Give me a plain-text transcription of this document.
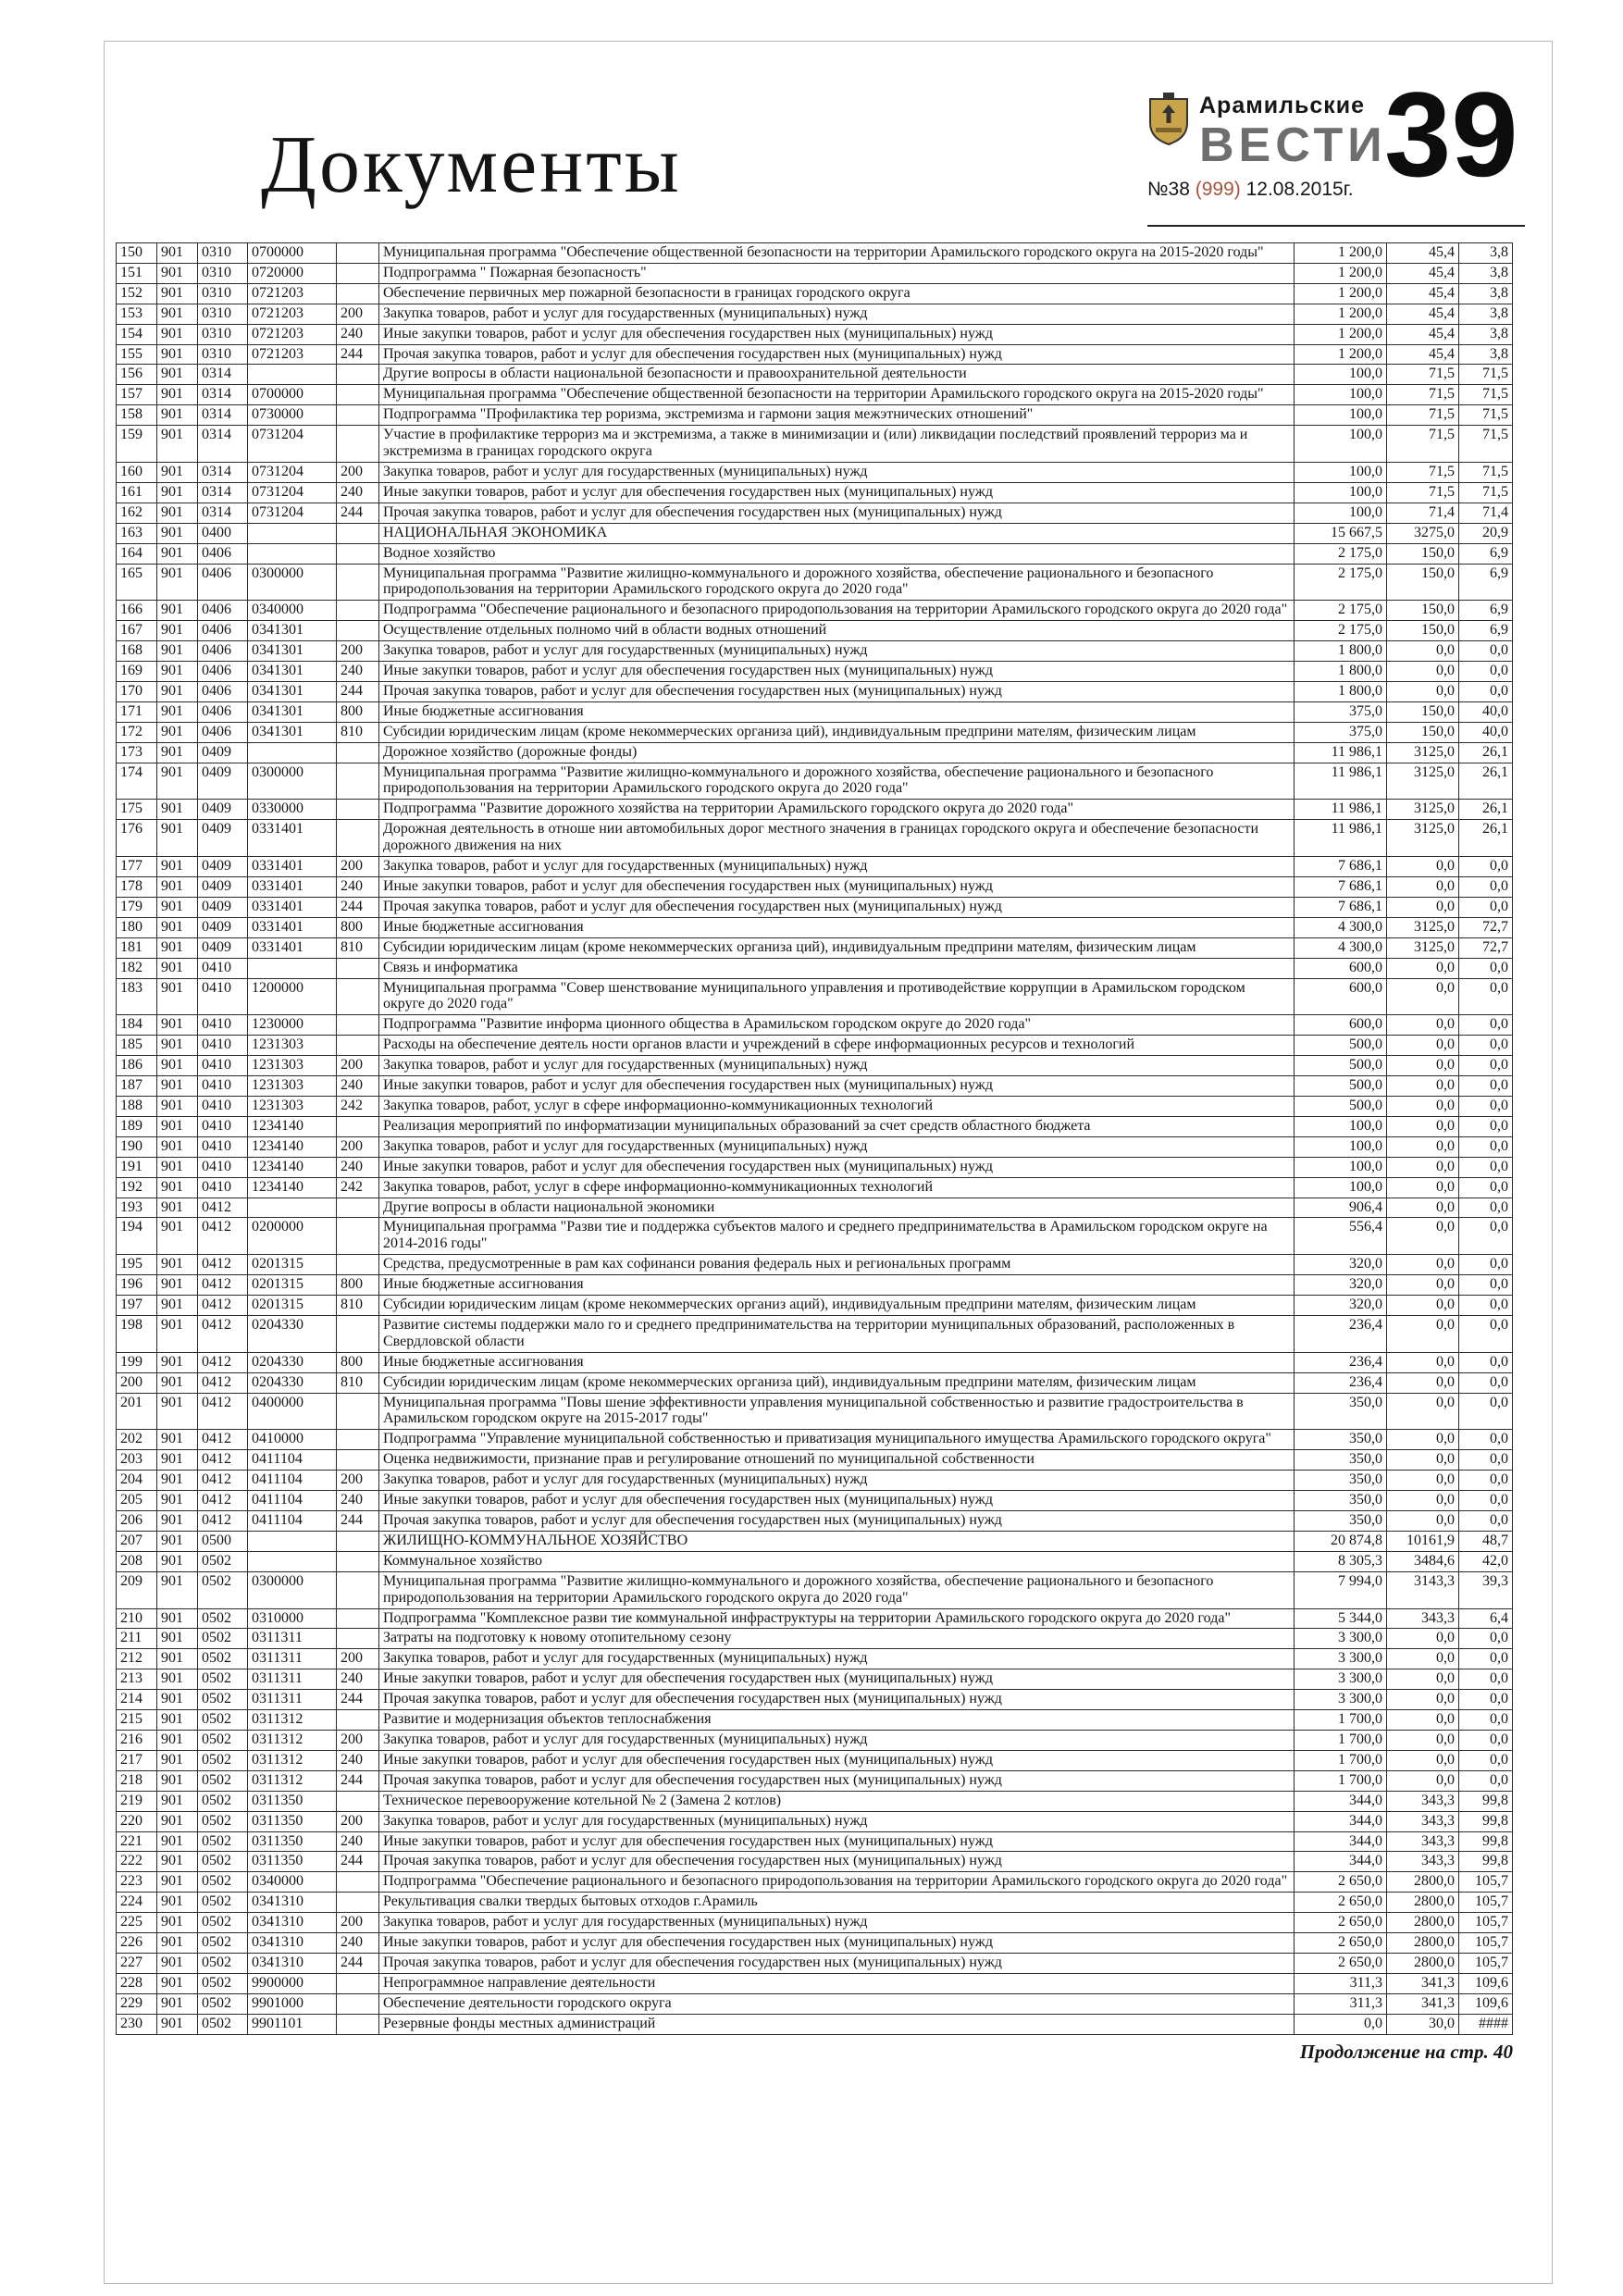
Документы
Арамильские
ВЕСТИ
№38 (999) 12.08.2015г. 39
150	901	0310	0700000		Муниципальная программа "Обеспечение общественной безопасности на территории Арамильского городского округа на 2015-2020 годы"	1 200,0	45,4	3,8
151	901	0310	0720000		Подпрограмма " Пожарная безопасность"	1 200,0	45,4	3,8
152	901	0310	0721203		Обеспечение первичных мер пожарной безопасности в границах городского округа	1 200,0	45,4	3,8
153	901	0310	0721203	200	Закупка товаров, работ и услуг для государственных (муниципальных) нужд	1 200,0	45,4	3,8
154	901	0310	0721203	240	Иные закупки товаров, работ и услуг для обеспечения государствен ных (муниципальных) нужд	1 200,0	45,4	3,8
155	901	0310	0721203	244	Прочая закупка товаров, работ и услуг для обеспечения государствен ных (муниципальных) нужд	1 200,0	45,4	3,8
156	901	0314			Другие вопросы в области национальной безопасности и правоохранительной деятельности	100,0	71,5	71,5
157	901	0314	0700000		Муниципальная программа "Обеспечение общественной безопасности на территории Арамильского городского округа на 2015-2020 годы"	100,0	71,5	71,5
158	901	0314	0730000		Подпрограмма "Профилактика тер роризма, экстремизма и гармони зация межэтнических отношений"	100,0	71,5	71,5
159	901	0314	0731204		Участие в профилактике террориз ма и экстремизма, а также в минимизации и (или) ликвидации последствий проявлений террориз ма и экстремизма в границах городского округа	100,0	71,5	71,5
160	901	0314	0731204	200	Закупка товаров, работ и услуг для государственных (муниципальных) нужд	100,0	71,5	71,5
161	901	0314	0731204	240	Иные закупки товаров, работ и услуг для обеспечения государствен ных (муниципальных) нужд	100,0	71,5	71,5
162	901	0314	0731204	244	Прочая закупка товаров, работ и услуг для обеспечения государствен ных (муниципальных) нужд	100,0	71,4	71,4
163	901	0400			НАЦИОНАЛЬНАЯ ЭКОНОМИКА	15 667,5	3275,0	20,9
164	901	0406			Водное хозяйство	2 175,0	150,0	6,9
165	901	0406	0300000		Муниципальная программа "Развитие жилищно-коммунального и дорожного хозяйства, обеспечение рационального и безопасного природопользования на территории Арамильского городского округа до 2020 года"	2 175,0	150,0	6,9
166	901	0406	0340000		Подпрограмма "Обеспечение рационального и безопасного природопользования на территории Арамильского городского округа до 2020 года"	2 175,0	150,0	6,9
167	901	0406	0341301		Осуществление отдельных полномо чий в области водных отношений	2 175,0	150,0	6,9
168	901	0406	0341301	200	Закупка товаров, работ и услуг для государственных (муниципальных) нужд	1 800,0	0,0	0,0
169	901	0406	0341301	240	Иные закупки товаров, работ и услуг для обеспечения государствен ных (муниципальных) нужд	1 800,0	0,0	0,0
170	901	0406	0341301	244	Прочая закупка товаров, работ и услуг для обеспечения государствен ных (муниципальных) нужд	1 800,0	0,0	0,0
171	901	0406	0341301	800	Иные бюджетные ассигнования	375,0	150,0	40,0
172	901	0406	0341301	810	Субсидии юридическим лицам (кроме некоммерческих организа ций), индивидуальным предприни мателям, физическим лицам	375,0	150,0	40,0
173	901	0409			Дорожное хозяйство (дорожные фонды)	11 986,1	3125,0	26,1
174	901	0409	0300000		Муниципальная программа "Развитие жилищно-коммунального и дорожного хозяйства, обеспечение рационального и безопасного природопользования на территории Арамильского городского округа до 2020 года"	11 986,1	3125,0	26,1
175	901	0409	0330000		Подпрограмма "Развитие дорожного хозяйства на территории Арамильского городского округа до 2020 года"	11 986,1	3125,0	26,1
176	901	0409	0331401		Дорожная деятельность в отноше нии автомобильных дорог местного значения в границах городского округа и обеспечение безопасности дорожного движения на них	11 986,1	3125,0	26,1
177	901	0409	0331401	200	Закупка товаров, работ и услуг для государственных (муниципальных) нужд	7 686,1	0,0	0,0
178	901	0409	0331401	240	Иные закупки товаров, работ и услуг для обеспечения государствен ных (муниципальных) нужд	7 686,1	0,0	0,0
179	901	0409	0331401	244	Прочая закупка товаров, работ и услуг для обеспечения государствен ных (муниципальных) нужд	7 686,1	0,0	0,0
180	901	0409	0331401	800	Иные бюджетные ассигнования	4 300,0	3125,0	72,7
181	901	0409	0331401	810	Субсидии юридическим лицам (кроме некоммерческих организа ций), индивидуальным предприни мателям, физическим лицам	4 300,0	3125,0	72,7
182	901	0410			Связь и информатика	600,0	0,0	0,0
183	901	0410	1200000		Муниципальная программа "Совер шенствование муниципального управления и противодействие коррупции в Арамильском городском округе до 2020 года"	600,0	0,0	0,0
184	901	0410	1230000		Подпрограмма "Развитие информа ционного общества в Арамильском городском округе до 2020 года"	600,0	0,0	0,0
185	901	0410	1231303		Расходы на обеспечение деятель ности органов власти и учреждений в сфере информационных ресурсов и технологий	500,0	0,0	0,0
186	901	0410	1231303	200	Закупка товаров, работ и услуг для государственных (муниципальных) нужд	500,0	0,0	0,0
187	901	0410	1231303	240	Иные закупки товаров, работ и услуг для обеспечения государствен ных (муниципальных) нужд	500,0	0,0	0,0
188	901	0410	1231303	242	Закупка товаров, работ, услуг в сфере информационно-коммуникационных технологий	500,0	0,0	0,0
189	901	0410	1234140		Реализация мероприятий по информатизации муниципальных образований за счет средств областного бюджета	100,0	0,0	0,0
190	901	0410	1234140	200	Закупка товаров, работ и услуг для государственных (муниципальных) нужд	100,0	0,0	0,0
191	901	0410	1234140	240	Иные закупки товаров, работ и услуг для обеспечения государствен ных (муниципальных) нужд	100,0	0,0	0,0
192	901	0410	1234140	242	Закупка товаров, работ, услуг в сфере информационно-коммуникационных технологий	100,0	0,0	0,0
193	901	0412			Другие вопросы в области национальной экономики	906,4	0,0	0,0
194	901	0412	0200000		Муниципальная программа "Разви тие и поддержка субъектов малого и среднего предпринимательства в Арамильском городском округе на 2014-2016 годы"	556,4	0,0	0,0
195	901	0412	0201315		Средства, предусмотренные в рам ках софинанси рования федераль ных и региональных программ	320,0	0,0	0,0
196	901	0412	0201315	800	Иные бюджетные ассигнования	320,0	0,0	0,0
197	901	0412	0201315	810	Субсидии юридическим лицам (кроме некоммерческих организ аций), индивидуальным предприни мателям, физическим лицам	320,0	0,0	0,0
198	901	0412	0204330		Развитие системы поддержки мало го и среднего предпринимательства на территории муниципальных образований, расположенных в Свердловской области	236,4	0,0	0,0
199	901	0412	0204330	800	Иные бюджетные ассигнования	236,4	0,0	0,0
200	901	0412	0204330	810	Субсидии юридическим лицам (кроме некоммерческих организа ций), индивидуальным предприни мателям, физическим лицам	236,4	0,0	0,0
201	901	0412	0400000		Муниципальная программа "Повы шение эффективности управления муниципальной собственностью и развитие градостроительства в Арамильском городском округе на 2015-2017 годы"	350,0	0,0	0,0
202	901	0412	0410000		Подпрограмма "Управление муниципальной собственностью и приватизация муниципального имущества Арамильского городского округа"	350,0	0,0	0,0
203	901	0412	0411104		Оценка недвижимости, признание прав и регулирование отношений по муниципальной собственности	350,0	0,0	0,0
204	901	0412	0411104	200	Закупка товаров, работ и услуг для государственных (муниципальных) нужд	350,0	0,0	0,0
205	901	0412	0411104	240	Иные закупки товаров, работ и услуг для обеспечения государствен ных (муниципальных) нужд	350,0	0,0	0,0
206	901	0412	0411104	244	Прочая закупка товаров, работ и услуг для обеспечения государствен ных (муниципальных) нужд	350,0	0,0	0,0
207	901	0500			ЖИЛИЩНО-КОММУНАЛЬНОЕ ХОЗЯЙСТВО	20 874,8	10161,9	48,7
208	901	0502			Коммунальное хозяйство	8 305,3	3484,6	42,0
209	901	0502	0300000		Муниципальная программа "Развитие жилищно-коммунального и дорожного хозяйства, обеспечение рационального и безопасного природопользования на территории Арамильского городского округа до 2020 года"	7 994,0	3143,3	39,3
210	901	0502	0310000		Подпрограмма "Комплексное разви тие коммунальной инфраструктуры на территории Арамильского городского округа до 2020 года"	5 344,0	343,3	6,4
211	901	0502	0311311		Затраты на подготовку к новому отопительному сезону	3 300,0	0,0	0,0
212	901	0502	0311311	200	Закупка товаров, работ и услуг для государственных (муниципальных) нужд	3 300,0	0,0	0,0
213	901	0502	0311311	240	Иные закупки товаров, работ и услуг для обеспечения государствен ных (муниципальных) нужд	3 300,0	0,0	0,0
214	901	0502	0311311	244	Прочая закупка товаров, работ и услуг для обеспечения государствен ных (муниципальных) нужд	3 300,0	0,0	0,0
215	901	0502	0311312		Развитие и модернизация объектов теплоснабжения	1 700,0	0,0	0,0
216	901	0502	0311312	200	Закупка товаров, работ и услуг для государственных (муниципальных) нужд	1 700,0	0,0	0,0
217	901	0502	0311312	240	Иные закупки товаров, работ и услуг для обеспечения государствен ных (муниципальных) нужд	1 700,0	0,0	0,0
218	901	0502	0311312	244	Прочая закупка товаров, работ и услуг для обеспечения государствен ных (муниципальных) нужд	1 700,0	0,0	0,0
219	901	0502	0311350		Техническое перевооружение котельной № 2 (Замена 2 котлов)	344,0	343,3	99,8
220	901	0502	0311350	200	Закупка товаров, работ и услуг для государственных (муниципальных) нужд	344,0	343,3	99,8
221	901	0502	0311350	240	Иные закупки товаров, работ и услуг для обеспечения государствен ных (муниципальных) нужд	344,0	343,3	99,8
222	901	0502	0311350	244	Прочая закупка товаров, работ и услуг для обеспечения государствен ных (муниципальных) нужд	344,0	343,3	99,8
223	901	0502	0340000		Подпрограмма "Обеспечение рационального и безопасного природопользования на территории Арамильского городского округа до 2020 года"	2 650,0	2800,0	105,7
224	901	0502	0341310		Рекультивация свалки твердых бытовых отходов г.Арамиль	2 650,0	2800,0	105,7
225	901	0502	0341310	200	Закупка товаров, работ и услуг для государственных (муниципальных) нужд	2 650,0	2800,0	105,7
226	901	0502	0341310	240	Иные закупки товаров, работ и услуг для обеспечения государствен ных (муниципальных) нужд	2 650,0	2800,0	105,7
227	901	0502	0341310	244	Прочая закупка товаров, работ и услуг для обеспечения государствен ных (муниципальных) нужд	2 650,0	2800,0	105,7
228	901	0502	9900000		Непрограммное направление деятельности	311,3	341,3	109,6
229	901	0502	9901000		Обеспечение деятельности городского округа	311,3	341,3	109,6
230	901	0502	9901101		Резервные фонды местных администраций	0,0	30,0	####
Продолжение на стр. 40
